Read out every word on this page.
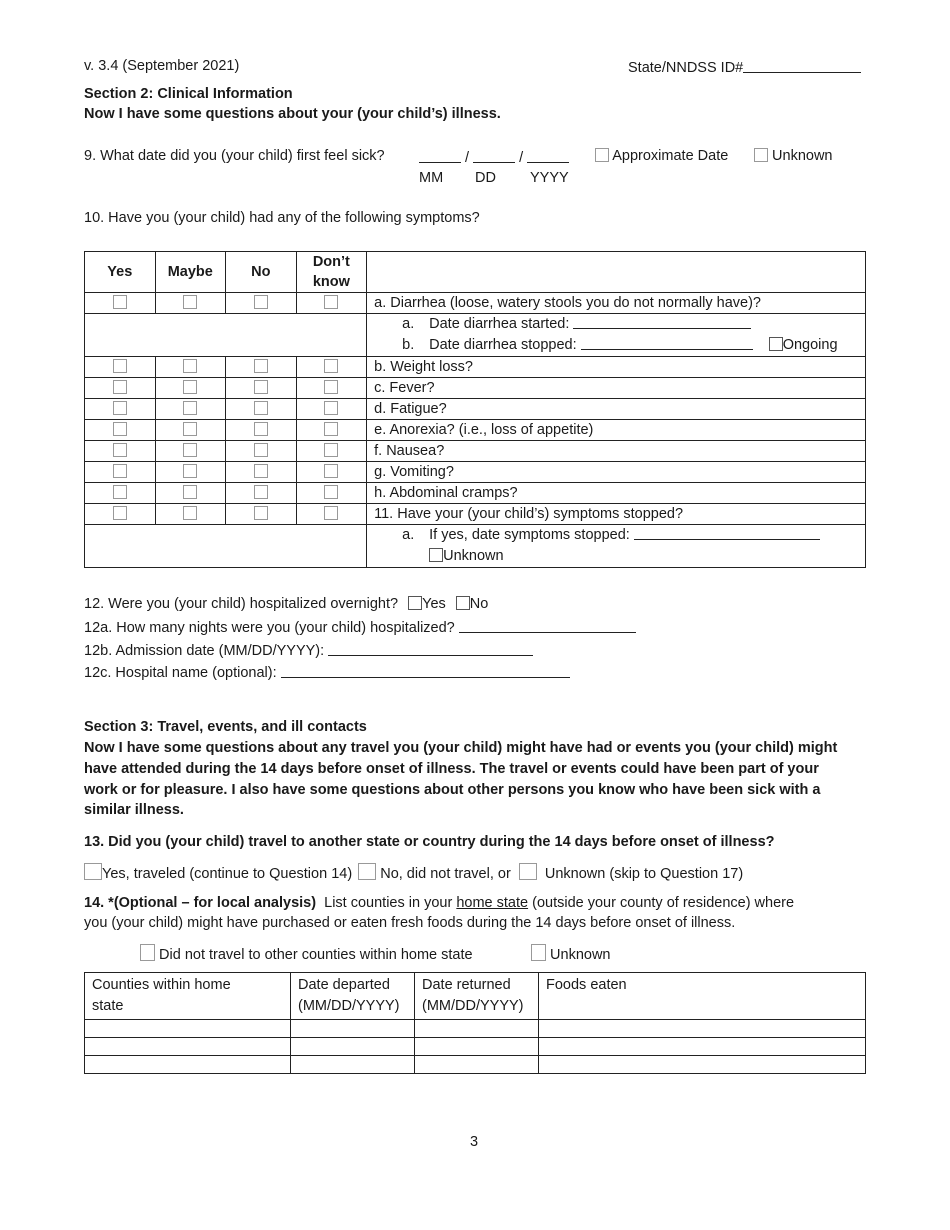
v. 3.4 (September 2021)	State/NNDSS ID#
Section 2: Clinical Information
Now I have some questions about your (your child’s) illness.
9. What date did you (your child) first feel sick?	/	/	Approximate Date	Unknown
MM DD YYYY
10. Have you (your child) had any of the following symptoms?
Yes	Maybe	No	Don’t
know	
				a. Diarrhea (loose, watery stools you do not normally have)?

				a. Date diarrhea started:
b. Date diarrhea stopped: Ongoing

				b. Weight loss?
				c. Fever?
				d. Fatigue?
				e. Anorexia? (i.e., loss of appetite)
				f. Nausea?
				g. Vomiting?
				h. Abdominal cramps?
				11. Have your (your child’s) symptoms stopped?

				a. If yes, date symptoms stopped:
Unknown
12. Were you (your child) hospitalized overnight? Yes No
12a. How many nights were you (your child) hospitalized?
12b. Admission date (MM/DD/YYYY):
12c. Hospital name (optional):
Section 3: Travel, events, and ill contacts
Now I have some questions about any travel you (your child) might have had or events you (your child) might
have attended during the 14 days before onset of illness. The travel or events could have been part of your
work or for pleasure. I also have some questions about other persons you know who have been sick with a
similar illness.
13. Did you (your child) travel to another state or country during the 14 days before onset of illness?
Yes, traveled (continue to Question 14) No, did not travel, or Unknown (skip to Question 17)
14. *(Optional – for local analysis) List counties in your home state (outside your county of residence) where
you (your child) might have purchased or eaten fresh foods during the 14 days before onset of illness.
Did not travel to other counties within home state	Unknown
Counties within home
state	Date departed
(MM/DD/YYYY)	Date returned
(MM/DD/YYYY)	Foods eaten

3
